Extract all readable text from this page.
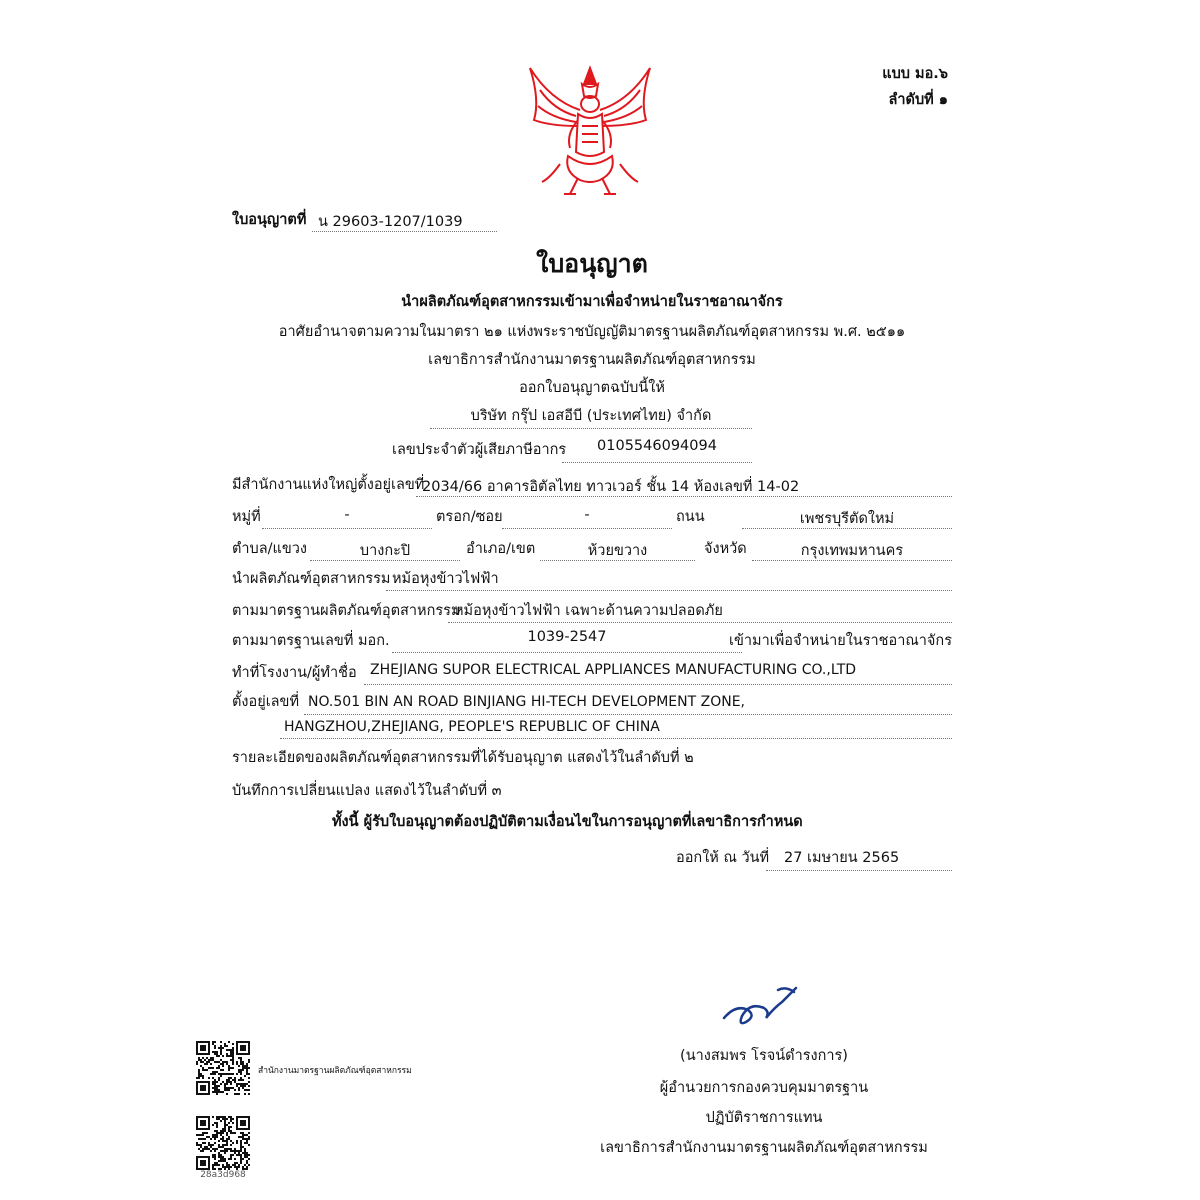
แบบ มอ.๖
ลำดับที่ ๑
ใบอนุญาตที่ น 29603-1207/1039
ใบอนุญาต
นำผลิตภัณฑ์อุตสาหกรรมเข้ามาเพื่อจำหน่ายในราชอาณาจักร
อาศัยอำนาจตามความในมาตรา ๒๑ แห่งพระราชบัญญัติมาตรฐานผลิตภัณฑ์อุตสาหกรรม พ.ศ. ๒๕๑๑
เลขาธิการสำนักงานมาตรฐานผลิตภัณฑ์อุตสาหกรรม
ออกใบอนุญาตฉบับนี้ให้
บริษัท กรุ๊ป เอสอีบี (ประเทศไทย) จำกัด
เลขประจำตัวผู้เสียภาษีอากร	0105546094094
มีสำนักงานแห่งใหญ่ตั้งอยู่เลขที่
2034/66 อาคารอิตัลไทย ทาวเวอร์ ชั้น 14 ห้องเลขที่ 14-02
หมู่ที่	-	ตรอก/ซอย	-	ถนน	เพชรบุรีตัดใหม่
ตำบล/แขวง	บางกะปิ	อำเภอ/เขต	ห้วยขวาง	จังหวัด	กรุงเทพมหานคร
นำผลิตภัณฑ์อุตสาหกรรม หม้อหุงข้าวไฟฟ้า
ตามมาตรฐานผลิตภัณฑ์อุตสาหกรรม
หม้อหุงข้าวไฟฟ้า เฉพาะด้านความปลอดภัย
ตามมาตรฐานเลขที่ มอก.	1039-2547	เข้ามาเพื่อจำหน่ายในราชอาณาจักร
ทำที่โรงงาน/ผู้ทำชื่อ ZHEJIANG SUPOR ELECTRICAL APPLIANCES MANUFACTURING CO.,LTD
ตั้งอยู่เลขที่ NO.501 BIN AN ROAD BINJIANG HI-TECH DEVELOPMENT ZONE,
HANGZHOU,ZHEJIANG, PEOPLE'S REPUBLIC OF CHINA
รายละเอียดของผลิตภัณฑ์อุตสาหกรรมที่ได้รับอนุญาต แสดงไว้ในลำดับที่ ๒
บันทึกการเปลี่ยนแปลง แสดงไว้ในลำดับที่ ๓
ทั้งนี้ ผู้รับใบอนุญาตต้องปฏิบัติตามเงื่อนไขในการอนุญาตที่เลขาธิการกำหนด
ออกให้ ณ วันที่ 27 เมษายน 2565
(นางสมพร โรจน์ดำรงการ)
ผู้อำนวยการกองควบคุมมาตรฐาน
ปฏิบัติราชการแทน
เลขาธิการสำนักงานมาตรฐานผลิตภัณฑ์อุตสาหกรรม
สำนักงานมาตรฐานผลิตภัณฑ์อุตสาหกรรม
28a3d968
